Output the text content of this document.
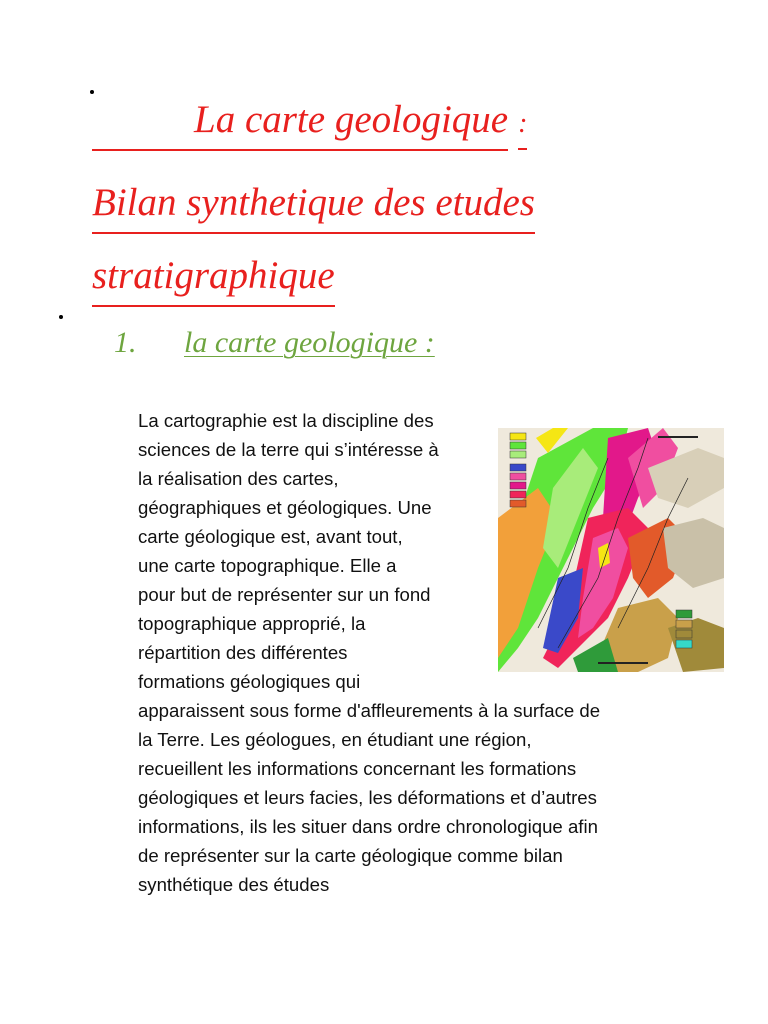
La carte geologique :
Bilan synthetique des etudes
stratigraphique
1. la carte geologique :
La cartographie est la discipline des
sciences de la terre qui s’intéresse à
la réalisation des cartes,
géographiques et géologiques. Une
carte géologique est, avant tout,
une carte topographique. Elle a
pour but de représenter sur un fond
topographique approprié, la
répartition des différentes
formations géologiques qui
apparaissent sous forme d'affleurements à la surface de
la Terre. Les géologues, en étudiant une région,
recueillent les informations concernant les formations
géologiques et leurs facies, les déformations et d’autres
informations, ils les situer dans ordre chronologique afin
de représenter sur la carte géologique comme bilan
synthétique des études
